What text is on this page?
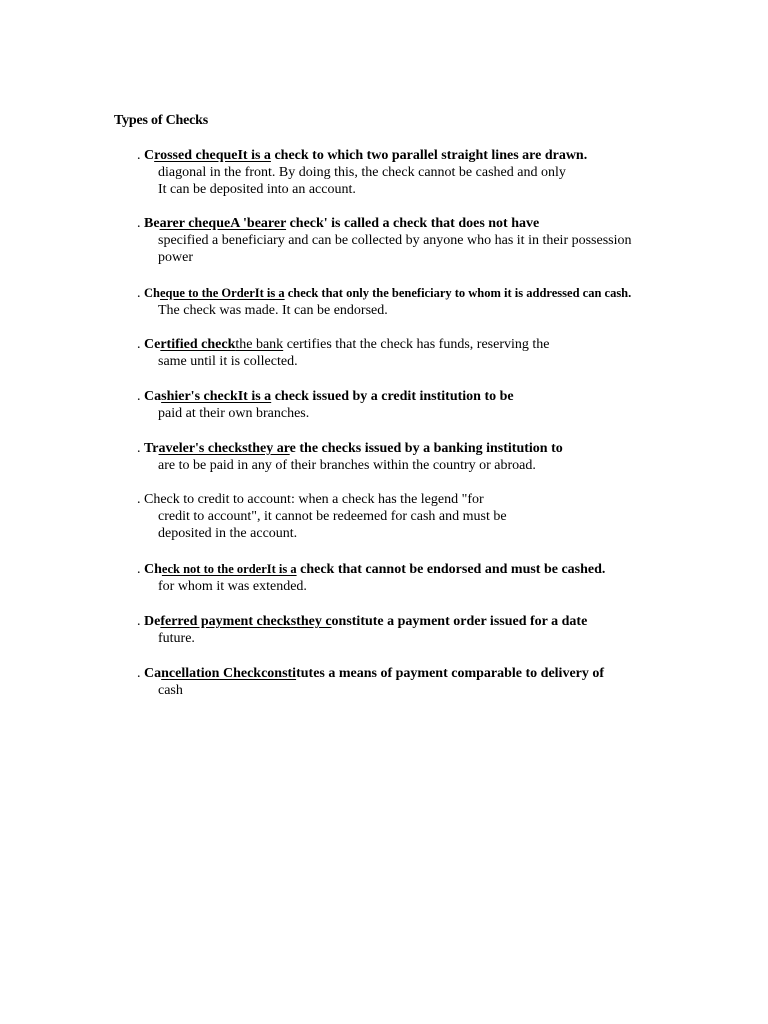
Types of Checks
. Crossed chequeIt is a check to which two parallel straight lines are drawn.
diagonal in the front. By doing this, the check cannot be cashed and only
It can be deposited into an account.
. Bearer chequeA 'bearer check' is called a check that does not have
specified a beneficiary and can be collected by anyone who has it in their possession
power
. Cheque to the OrderIt is a check that only the beneficiary to whom it is addressed can cash.
The check was made. It can be endorsed.
. Certified checkthe bank certifies that the check has funds, reserving the
same until it is collected.
. Cashier's checkIt is a check issued by a credit institution to be
paid at their own branches.
. Traveler's checksthey are the checks issued by a banking institution to
are to be paid in any of their branches within the country or abroad.
. Check to credit to account: when a check has the legend "for
credit to account", it cannot be redeemed for cash and must be
deposited in the account.
. Check not to the orderIt is a check that cannot be endorsed and must be cashed.
for whom it was extended.
. Deferred payment checksthey constitute a payment order issued for a date
future.
. Cancellation Checkconstitutes a means of payment comparable to delivery of
cash
